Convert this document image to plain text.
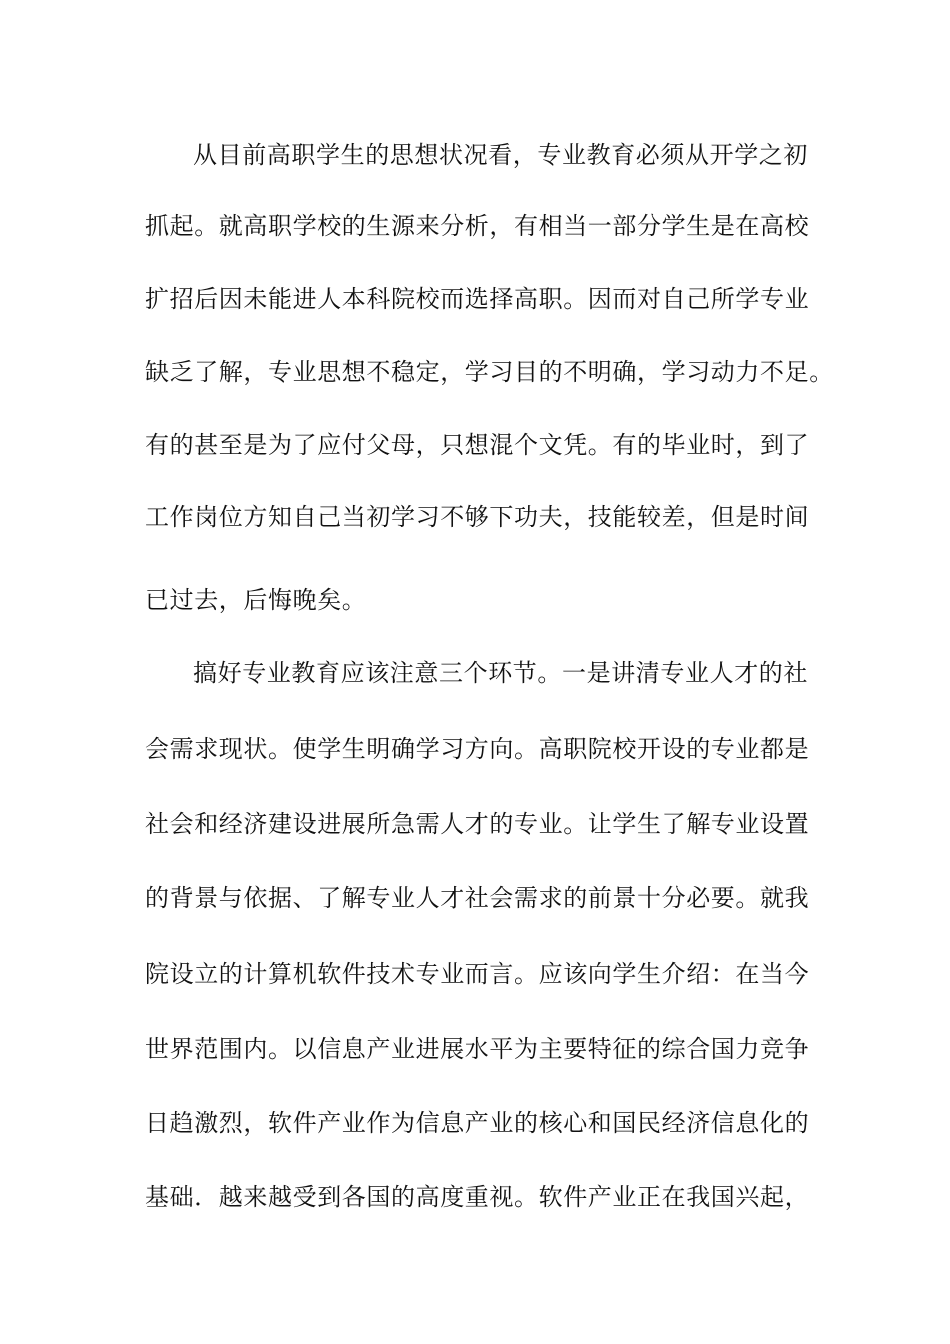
从目前高职学生的思想状况看，专业教育必须从开学之初
抓起。就高职学校的生源来分析，有相当一部分学生是在高校
扩招后因未能进人本科院校而选择高职。因而对自己所学专业
缺乏了解，专业思想不稳定，学习目的不明确，学习动力不足。
有的甚至是为了应付父母，只想混个文凭。有的毕业时，到了
工作岗位方知自己当初学习不够下功夫，技能较差，但是时间
已过去，后悔晚矣。
搞好专业教育应该注意三个环节。一是讲清专业人才的社
会需求现状。使学生明确学习方向。高职院校开设的专业都是
社会和经济建设进展所急需人才的专业。让学生了解专业设置
的背景与依据、了解专业人才社会需求的前景十分必要。就我
院设立的计算机软件技术专业而言。应该向学生介绍：在当今
世界范围内。以信息产业进展水平为主要特征的综合国力竞争
日趋激烈，软件产业作为信息产业的核心和国民经济信息化的
基础．越来越受到各国的高度重视。软件产业正在我国兴起，
